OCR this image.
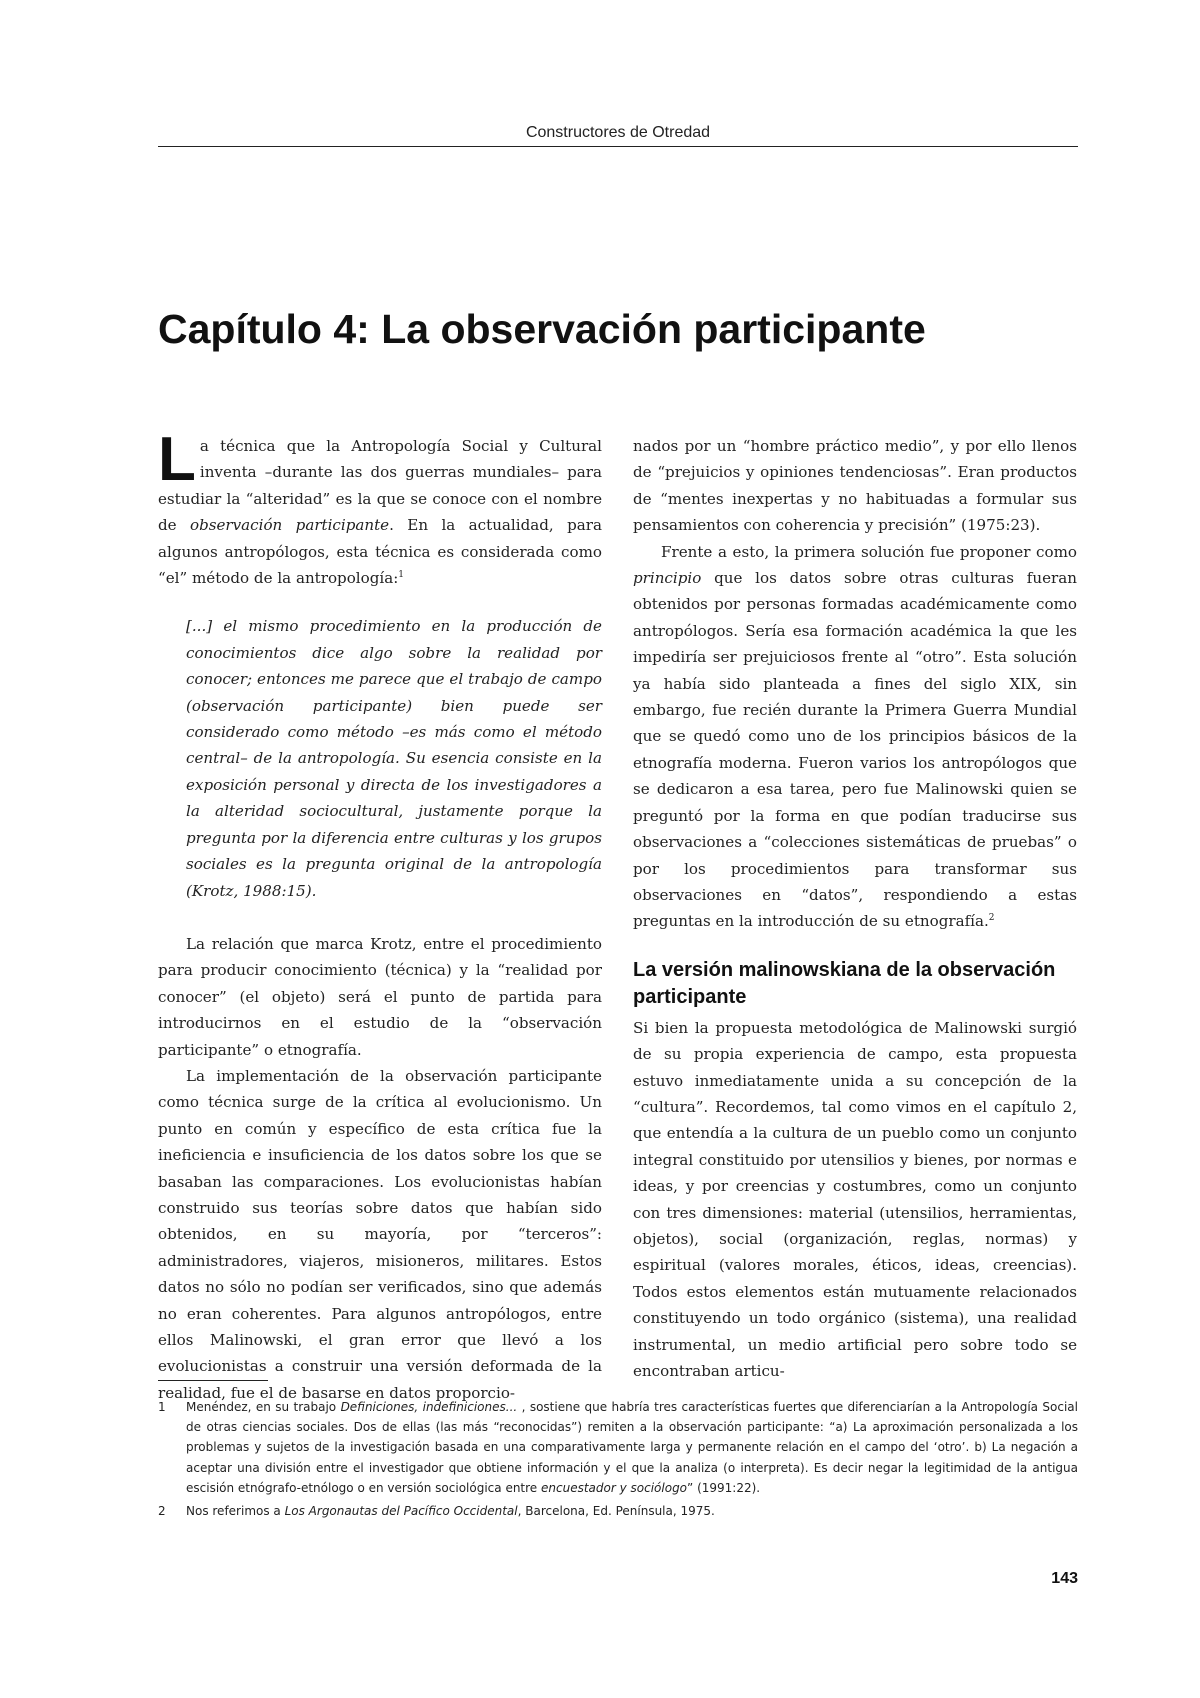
Constructores de Otredad
Capítulo 4: La observación participante

La técnica que la Antropología Social y Cultural inventa –durante las dos guerras mundiales– para estudiar la “alteridad” es la que se conoce con el nombre de observación participante. En la actualidad, para algunos antropólogos, esta técnica es considerada como “el” método de la antropología:$^1$

[...] el mismo procedimiento en la producción de conocimientos dice algo sobre la realidad por conocer; entonces me parece que el trabajo de campo (observación participante) bien puede ser considerado como método –es más como el método central– de la antropología. Su esencia consiste en la exposición personal y directa de los investigadores a la alteridad sociocultural, justamente porque la pregunta por la diferencia entre culturas y los grupos sociales es la pregunta original de la antropología (Krotz, 1988:15).

La relación que marca Krotz, entre el procedimiento para producir conocimiento (técnica) y la “realidad por conocer” (el objeto) será el punto de partida para introducirnos en el estudio de la “observación participante” o etnografía.

La implementación de la observación participante como técnica surge de la crítica al evolucionismo. Un punto en común y específico de esta crítica fue la ineficiencia e insuficiencia de los datos sobre los que se basaban las comparaciones. Los evolucionistas habían construido sus teorías sobre datos que habían sido obtenidos, en su mayoría, por “terceros”: administradores, viajeros, misioneros, militares. Estos datos no sólo no podían ser verificados, sino que además no eran coherentes. Para algunos antropólogos, entre ellos Malinowski, el gran error que llevó a los evolucionistas a construir una versión deformada de la realidad, fue el de basarse en datos proporcio-

nados por un “hombre práctico medio”, y por ello llenos de “prejuicios y opiniones tendenciosas”. Eran productos de “mentes inexpertas y no habituadas a formular sus pensamientos con coherencia y precisión” (1975:23).

Frente a esto, la primera solución fue proponer como principio que los datos sobre otras culturas fueran obtenidos por personas formadas académicamente como antropólogos. Sería esa formación académica la que les impediría ser prejuiciosos frente al “otro”. Esta solución ya había sido planteada a fines del siglo XIX, sin embargo, fue recién durante la Primera Guerra Mundial que se quedó como uno de los principios básicos de la etnografía moderna. Fueron varios los antropólogos que se dedicaron a esa tarea, pero fue Malinowski quien se preguntó por la forma en que podían traducirse sus observaciones a “colecciones sistemáticas de pruebas” o por los procedimientos para transformar sus observaciones en “datos”, respondiendo a estas preguntas en la introducción de su etnografía.$^2$

La versión malinowskiana de la observación participante

Si bien la propuesta metodológica de Malinowski surgió de su propia experiencia de campo, esta propuesta estuvo inmediatamente unida a su concepción de la “cultura”. Recordemos, tal como vimos en el capítulo 2, que entendía a la cultura de un pueblo como un conjunto integral constituido por utensilios y bienes, por normas e ideas, y por creencias y costumbres, como un conjunto con tres dimensiones: material (utensilios, herramientas, objetos), social (organización, reglas, normas) y espiritual (valores morales, éticos, ideas, creencias). Todos estos elementos están mutuamente relacionados constituyendo un todo orgánico (sistema), una realidad instrumental, un medio artificial pero sobre todo se encontraban articu-

1	Menéndez, en su trabajo Definiciones, indefiniciones... , sostiene que habría tres características fuertes que diferenciarían a la Antropología Social de otras ciencias sociales. Dos de ellas (las más “reconocidas”) remiten a la observación participante: “a) La aproximación personalizada a los problemas y sujetos de la investigación basada en una comparativamente larga y permanente relación en el campo del ‘otro’. b) La negación a aceptar una división entre el investigador que obtiene información y el que la analiza (o interpreta). Es decir negar la legitimidad de la antigua escisión etnógrafo-etnólogo o en versión sociológica entre encuestador y sociólogo” (1991:22).
2	Nos referimos a Los Argonautas del Pacífico Occidental, Barcelona, Ed. Península, 1975.
143
